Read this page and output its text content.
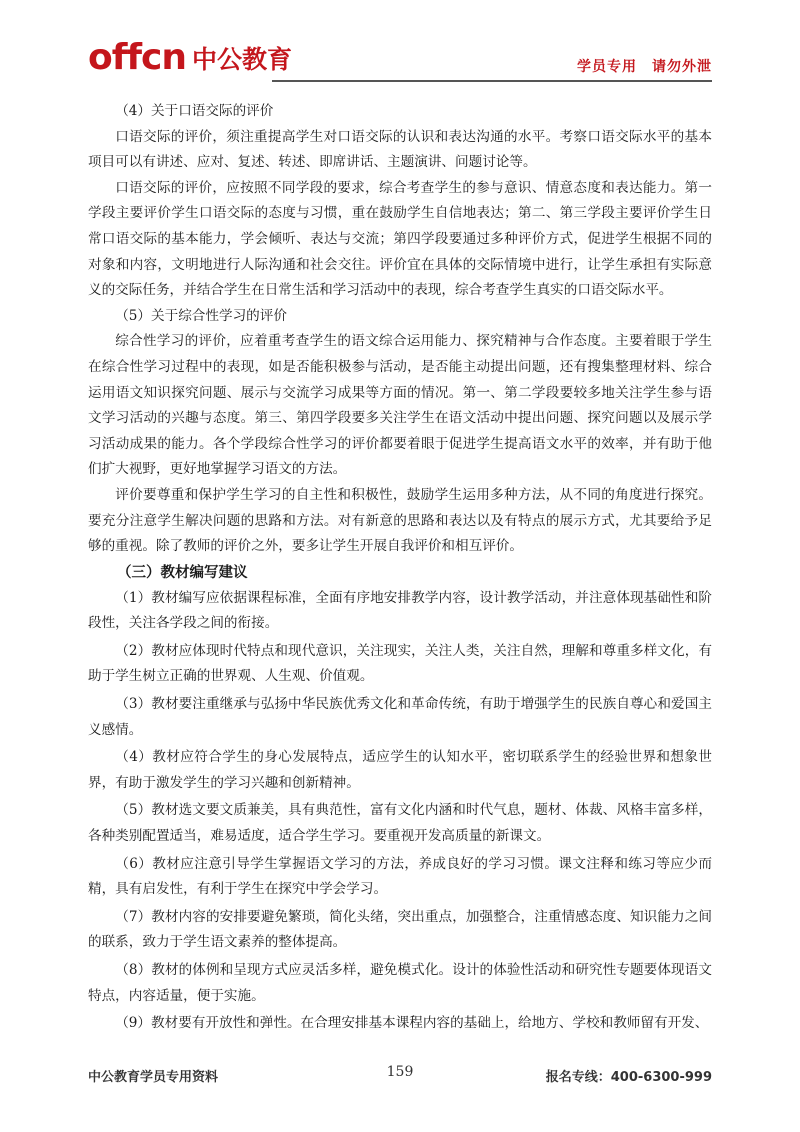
offcn 中公教育	学员专用　请勿外泄

（4）关于口语交际的评价

口语交际的评价，须注重提高学生对口语交际的认识和表达沟通的水平。考察口语交际水平的基本项目可以有讲述、应对、复述、转述、即席讲话、主题演讲、问题讨论等。

口语交际的评价，应按照不同学段的要求，综合考查学生的参与意识、情意态度和表达能力。第一学段主要评价学生口语交际的态度与习惯，重在鼓励学生自信地表达；第二、第三学段主要评价学生日常口语交际的基本能力，学会倾听、表达与交流；第四学段要通过多种评价方式，促进学生根据不同的对象和内容，文明地进行人际沟通和社会交往。评价宜在具体的交际情境中进行，让学生承担有实际意义的交际任务，并结合学生在日常生活和学习活动中的表现，综合考查学生真实的口语交际水平。

（5）关于综合性学习的评价

综合性学习的评价，应着重考查学生的语文综合运用能力、探究精神与合作态度。主要着眼于学生在综合性学习过程中的表现，如是否能积极参与活动，是否能主动提出问题，还有搜集整理材料、综合运用语文知识探究问题、展示与交流学习成果等方面的情况。第一、第二学段要较多地关注学生参与语文学习活动的兴趣与态度。第三、第四学段要多关注学生在语文活动中提出问题、探究问题以及展示学习活动成果的能力。各个学段综合性学习的评价都要着眼于促进学生提高语文水平的效率，并有助于他们扩大视野，更好地掌握学习语文的方法。

评价要尊重和保护学生学习的自主性和积极性，鼓励学生运用多种方法，从不同的角度进行探究。要充分注意学生解决问题的思路和方法。对有新意的思路和表达以及有特点的展示方式，尤其要给予足够的重视。除了教师的评价之外，要多让学生开展自我评价和相互评价。

（三）教材编写建议

（1）教材编写应依据课程标准，全面有序地安排教学内容，设计教学活动，并注意体现基础性和阶段性，关注各学段之间的衔接。

（2）教材应体现时代特点和现代意识，关注现实，关注人类，关注自然，理解和尊重多样文化，有助于学生树立正确的世界观、人生观、价值观。

（3）教材要注重继承与弘扬中华民族优秀文化和革命传统，有助于增强学生的民族自尊心和爱国主义感情。

（4）教材应符合学生的身心发展特点，适应学生的认知水平，密切联系学生的经验世界和想象世界，有助于激发学生的学习兴趣和创新精神。

（5）教材选文要文质兼美，具有典范性，富有文化内涵和时代气息，题材、体裁、风格丰富多样，各种类别配置适当，难易适度，适合学生学习。要重视开发高质量的新课文。

（6）教材应注意引导学生掌握语文学习的方法，养成良好的学习习惯。课文注释和练习等应少而精，具有启发性，有利于学生在探究中学会学习。

（7）教材内容的安排要避免繁琐，简化头绪，突出重点，加强整合，注重情感态度、知识能力之间的联系，致力于学生语文素养的整体提高。

（8）教材的体例和呈现方式应灵活多样，避免模式化。设计的体验性活动和研究性专题要体现语文特点，内容适量，便于实施。

（9）教材要有开放性和弹性。在合理安排基本课程内容的基础上，给地方、学校和教师留有开发、

中公教育学员专用资料	159	报名专线：400-6300-999
